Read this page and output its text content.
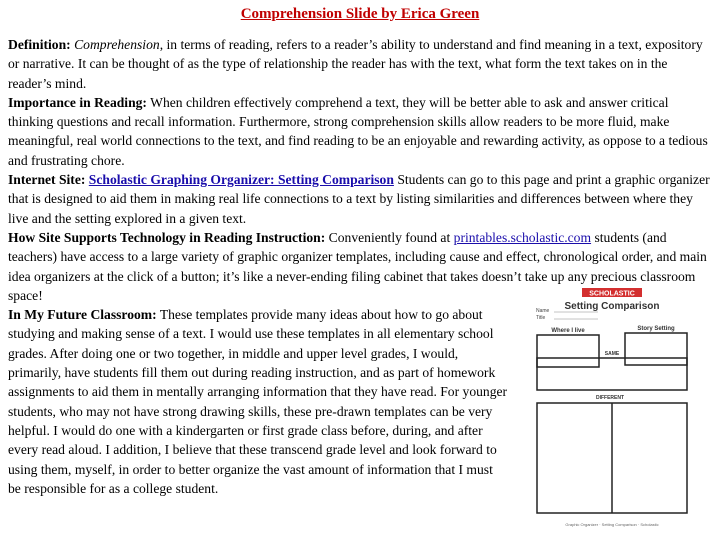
Comprehension Slide by Erica Green

Definition: Comprehension, in terms of reading, refers to a reader’s ability to understand and find meaning in a text, expository or narrative. It can be thought of as the type of relationship the reader has with the text, what form the text takes on in the reader’s mind.

Importance in Reading: When children effectively comprehend a text, they will be better able to ask and answer critical thinking questions and recall information. Furthermore, strong comprehension skills allow readers to be more fluid, make meaningful, real world connections to the text, and find reading to be an enjoyable and rewarding activity, as oppose to a tedious and frustrating chore.

Internet Site: Scholastic Graphing Organizer: Setting Comparison Students can go to this page and print a graphic organizer that is designed to aid them in making real life connections to a text by listing similarities and differences between where they live and the setting explored in a given text.

How Site Supports Technology in Reading Instruction: Conveniently found at printables.scholastic.com students (and teachers) have access to a large variety of graphic organizer templates, including cause and effect, chronological order, and main idea organizers at the click of a button; it’s like a never-ending filing cabinet that takes doesn’t take up any precious classroom space!

In My Future Classroom: These templates provide many ideas about how to go about studying and making sense of a text. I would use these templates in all elementary school grades. After doing one or two together, in middle and upper level grades, I would, primarily, have students fill them out during reading instruction, and as part of homework assignments to aid them in mentally arranging information that they have read. For younger students, who may not have strong drawing skills, these pre-drawn templates can be very helpful. I would do one with a kindergarten or first grade class before, during, and after every read aloud. I addition, I believe that these transcend grade level and look forward to using them, myself, in order to better organize the vast amount of information that I must be responsible for as a college student.

SCHOLASTIC
Setting Comparison
Name
Title
Where I live	Story Setting
SAME
DIFFERENT
Graphic Organizer · Setting Comparison · Scholastic
